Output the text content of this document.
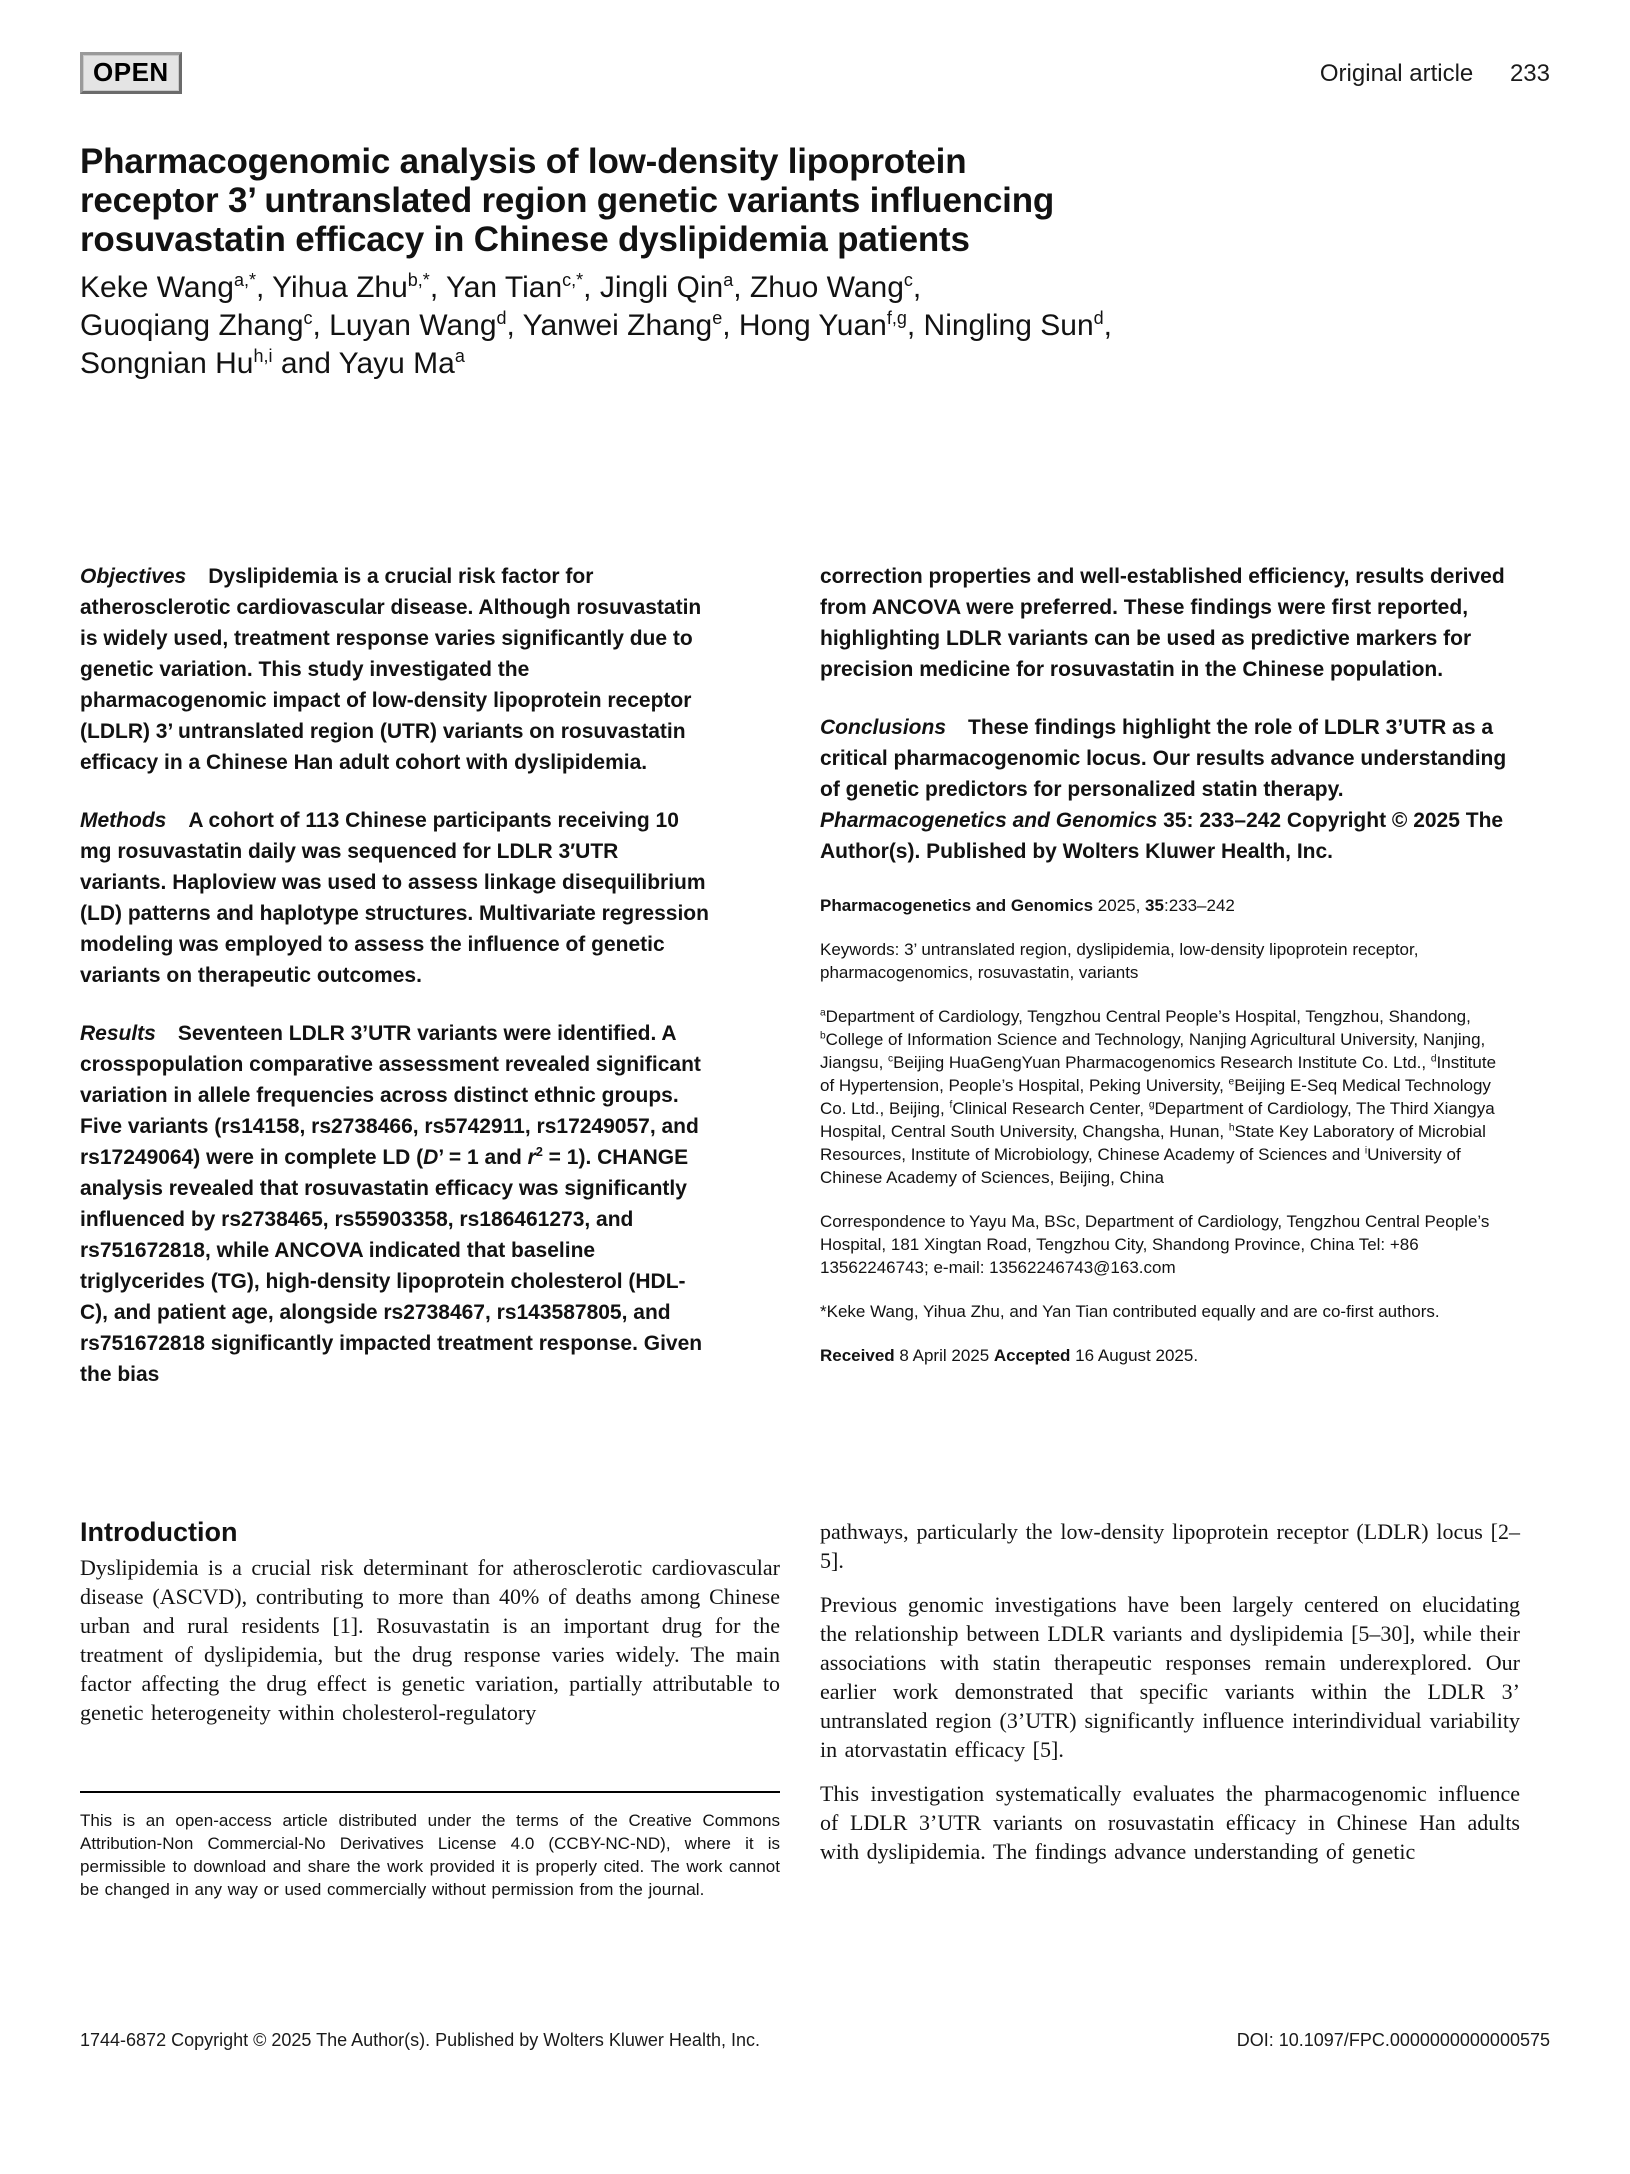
OPEN	Original article 233
Pharmacogenomic analysis of low-density lipoprotein
receptor 3’ untranslated region genetic variants influencing
rosuvastatin efficacy in Chinese dyslipidemia patients
Keke Wang$^{a,*}$, Yihua Zhu$^{b,*}$, Yan Tian$^{c,*}$, Jingli Qin$^a$, Zhuo Wang$^c$,
Guoqiang Zhang$^c$, Luyan Wang$^d$, Yanwei Zhang$^e$, Hong Yuan$^{f,g}$, Ningling Sun$^d$,
Songnian Hu$^{h,i}$ and Yayu Ma$^a$

Objectives Dyslipidemia is a crucial risk factor for atherosclerotic cardiovascular disease. Although rosuvastatin is widely used, treatment response varies significantly due to genetic variation. This study investigated the pharmacogenomic impact of low-density lipoprotein receptor (LDLR) 3’ untranslated region (UTR) variants on rosuvastatin efficacy in a Chinese Han adult cohort with dyslipidemia.

Methods A cohort of 113 Chinese participants receiving 10 mg rosuvastatin daily was sequenced for LDLR 3′UTR variants. Haploview was used to assess linkage disequilibrium (LD) patterns and haplotype structures. Multivariate regression modeling was employed to assess the influence of genetic variants on therapeutic outcomes.

Results Seventeen LDLR 3’UTR variants were identified. A crosspopulation comparative assessment revealed significant variation in allele frequencies across distinct ethnic groups. Five variants (rs14158, rs2738466, rs5742911, rs17249057, and rs17249064) were in complete LD (D’ = 1 and $r^2 = 1$). CHANGE analysis revealed that rosuvastatin efficacy was significantly influenced by rs2738465, rs55903358, rs186461273, and rs751672818, while ANCOVA indicated that baseline triglycerides (TG), high-density lipoprotein cholesterol (HDL-C), and patient age, alongside rs2738467, rs143587805, and rs751672818 significantly impacted treatment response. Given the bias

correction properties and well-established efficiency, results derived from ANCOVA were preferred. These findings were first reported, highlighting LDLR variants can be used as predictive markers for precision medicine for rosuvastatin in the Chinese population.

Conclusions These findings highlight the role of LDLR 3’UTR as a critical pharmacogenomic locus. Our results advance understanding of genetic predictors for personalized statin therapy. Pharmacogenetics and Genomics 35: 233–242 Copyright © 2025 The Author(s). Published by Wolters Kluwer Health, Inc.

Pharmacogenetics and Genomics 2025, 35:233–242

Keywords: 3’ untranslated region, dyslipidemia, low-density lipoprotein receptor, pharmacogenomics, rosuvastatin, variants

$^a$Department of Cardiology, Tengzhou Central People’s Hospital, Tengzhou, Shandong, $^b$College of Information Science and Technology, Nanjing Agricultural University, Nanjing, Jiangsu, $^c$Beijing HuaGengYuan Pharmacogenomics Research Institute Co. Ltd., $^d$Institute of Hypertension, People’s Hospital, Peking University, $^e$Beijing E-Seq Medical Technology Co. Ltd., Beijing, $^f$Clinical Research Center, $^g$Department of Cardiology, The Third Xiangya Hospital, Central South University, Changsha, Hunan, $^h$State Key Laboratory of Microbial Resources, Institute of Microbiology, Chinese Academy of Sciences and $^i$University of Chinese Academy of Sciences, Beijing, China

Correspondence to Yayu Ma, BSc, Department of Cardiology, Tengzhou Central People’s Hospital, 181 Xingtan Road, Tengzhou City, Shandong Province, China Tel: +86 13562246743; e-mail: 13562246743@163.com

*Keke Wang, Yihua Zhu, and Yan Tian contributed equally and are co-first authors.

Received 8 April 2025 Accepted 16 August 2025.

Introduction

Dyslipidemia is a crucial risk determinant for atherosclerotic cardiovascular disease (ASCVD), contributing to more than 40% of deaths among Chinese urban and rural residents [1]. Rosuvastatin is an important drug for the treatment of dyslipidemia, but the drug response varies widely. The main factor affecting the drug effect is genetic variation, partially attributable to genetic heterogeneity within cholesterol-regulatory

This is an open-access article distributed under the terms of the Creative Commons Attribution-Non Commercial-No Derivatives License 4.0 (CCBY-NC-ND), where it is permissible to download and share the work provided it is properly cited. The work cannot be changed in any way or used commercially without permission from the journal.

pathways, particularly the low-density lipoprotein receptor (LDLR) locus [2–5].

Previous genomic investigations have been largely centered on elucidating the relationship between LDLR variants and dyslipidemia [5–30], while their associations with statin therapeutic responses remain underexplored. Our earlier work demonstrated that specific variants within the LDLR 3’ untranslated region (3’UTR) significantly influence interindividual variability in atorvastatin efficacy [5].

This investigation systematically evaluates the pharmacogenomic influence of LDLR 3’UTR variants on rosuvastatin efficacy in Chinese Han adults with dyslipidemia. The findings advance understanding of genetic

1744-6872 Copyright © 2025 The Author(s). Published by Wolters Kluwer Health, Inc.	DOI: 10.1097/FPC.0000000000000575
